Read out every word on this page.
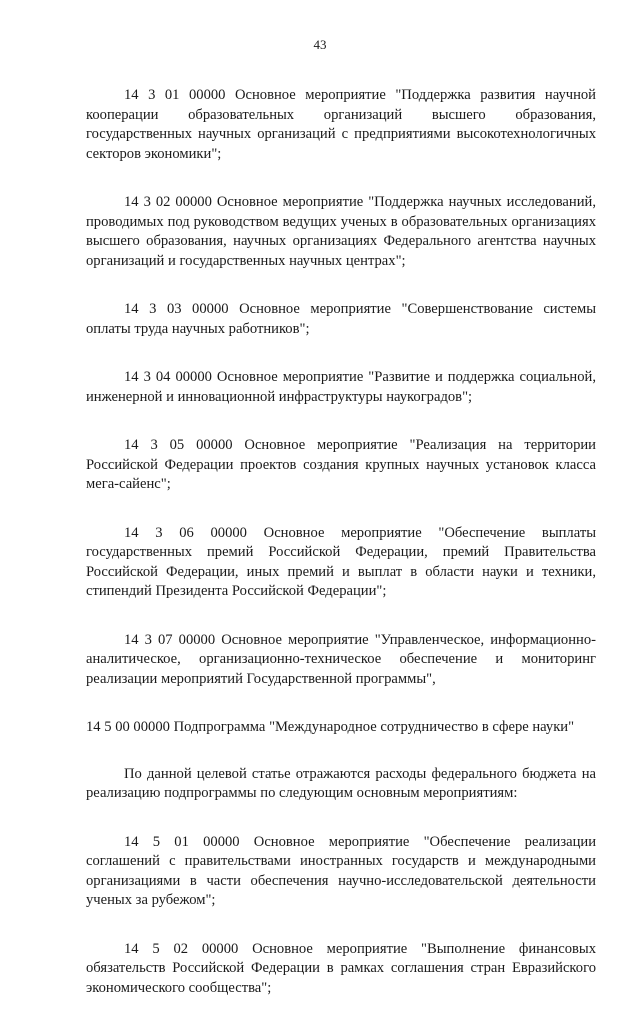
43

14 3 01 00000 Основное мероприятие "Поддержка развития научной кооперации образовательных организаций высшего образования, государственных научных организаций с предприятиями высокотехнологичных секторов экономики";

14 3 02 00000 Основное мероприятие "Поддержка научных исследований, проводимых под руководством ведущих ученых в образовательных организациях высшего образования, научных организациях Федерального агентства научных организаций и государственных научных центрах";

14 3 03 00000 Основное мероприятие "Совершенствование системы оплаты труда научных работников";

14 3 04 00000 Основное мероприятие "Развитие и поддержка социальной, инженерной и инновационной инфраструктуры наукоградов";

14 3 05 00000 Основное мероприятие "Реализация на территории Российской Федерации проектов создания крупных научных установок класса мега-сайенс";

14 3 06 00000 Основное мероприятие "Обеспечение выплаты государственных премий Российской Федерации, премий Правительства Российской Федерации, иных премий и выплат в области науки и техники, стипендий Президента Российской Федерации";

14 3 07 00000 Основное мероприятие "Управленческое, информационно-аналитическое, организационно-техническое обеспечение и мониторинг реализации мероприятий Государственной программы",

14 5 00 00000 Подпрограмма "Международное сотрудничество в сфере науки"

По данной целевой статье отражаются расходы федерального бюджета на реализацию подпрограммы по следующим основным мероприятиям:

14 5 01 00000 Основное мероприятие "Обеспечение реализации соглашений с правительствами иностранных государств и международными организациями в части обеспечения научно-исследовательской деятельности ученых за рубежом";

14 5 02 00000 Основное мероприятие "Выполнение финансовых обязательств Российской Федерации в рамках соглашения стран Евразийского экономического сообщества";
